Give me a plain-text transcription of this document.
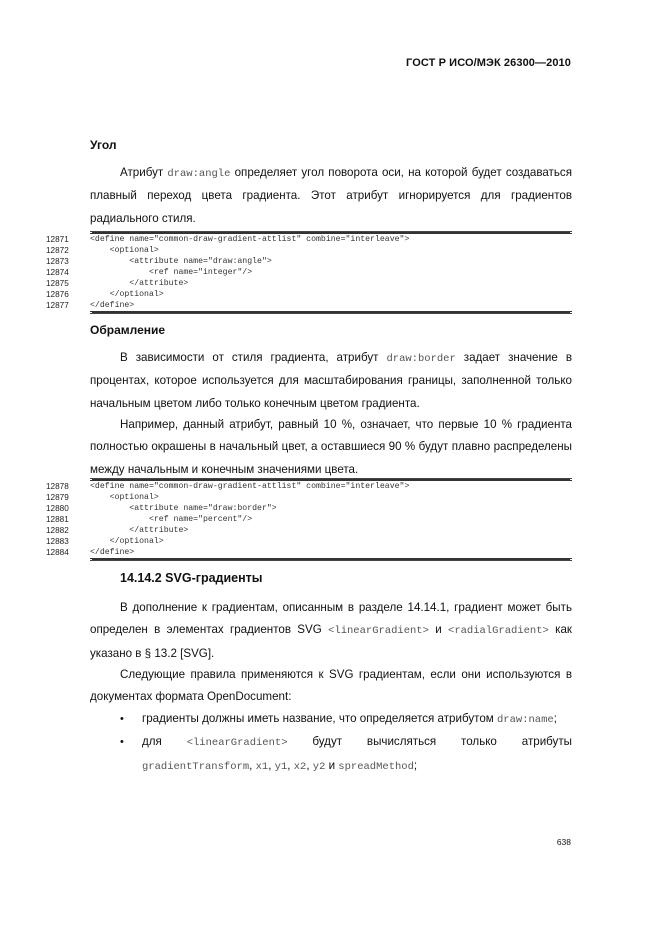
ГОСТ Р ИСО/МЭК 26300—2010
Угол
Атрибут draw:angle определяет угол поворота оси, на которой будет создаваться плавный переход цвета градиента. Этот атрибут игнорируется для градиентов радиального стиля.
12871	<define name="common-draw-gradient-attlist" combine="interleave">
12872	<optional>
12873	<attribute name="draw:angle">
12874	<ref name="integer"/>
12875	</attribute>
12876	</optional>
12877	</define>
Обрамление
В зависимости от стиля градиента, атрибут draw:border задает значение в процентах, которое используется для масштабирования границы, заполненной только начальным цветом либо только конечным цветом градиента.
Например, данный атрибут, равный 10 %, означает, что первые 10 % градиента полностью окрашены в начальный цвет, а оставшиеся 90 % будут плавно распределены между начальным и конечным значениями цвета.
12878	<define name="common-draw-gradient-attlist" combine="interleave">
12879	<optional>
12880	<attribute name="draw:border">
12881	<ref name="percent"/>
12882	</attribute>
12883	</optional>
12884	</define>
14.14.2 SVG-градиенты
В дополнение к градиентам, описанным в разделе 14.14.1, градиент может быть определен в элементах градиентов SVG <linearGradient> и <radialGradient> как указано в § 13.2 [SVG].
Следующие правила применяются к SVG градиентам, если они используются в документах формата OpenDocument:
• градиенты должны иметь название, что определяется атрибутом draw:name;
• для <linearGradient> будут вычисляться только атрибуты gradientTransform, x1, y1, x2, y2 и spreadMethod;
638
